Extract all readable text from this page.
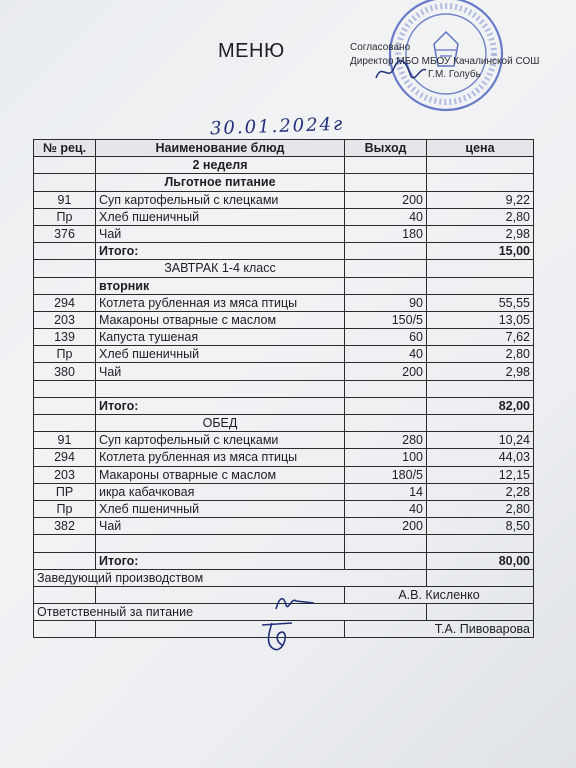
МЕНЮ	Согласовано
Директор МБО МБОУ Качалинской СОШ
Г.М. Голубь
30.01.2024г
№ рец.	Наименование блюд	Выход	цена
	2 неделя		
	Льготное питание		
91	Суп картофельный с клецками	200	9,22
Пр	Хлеб пшеничный	40	2,80
376	Чай	180	2,98
	Итого:		15,00
	ЗАВТРАК 1-4 класс		
	вторник		
294	Котлета рубленная из мяса птицы	90	55,55
203	Макароны отварные с маслом	150/5	13,05
139	Капуста тушеная	60	7,62
Пр	Хлеб пшеничный	40	2,80
380	Чай	200	2,98

	Итого:		82,00
	ОБЕД		
91	Суп картофельный с клецками	280	10,24
294	Котлета рубленная из мяса птицы	100	44,03
203	Макароны отварные с маслом	180/5	12,15
ПР	икра кабачковая	14	2,28
Пр	Хлеб пшеничный	40	2,80
382	Чай	200	8,50

	Итого:		80,00
Заведующий производством			
		А.В. Кисленко	
Ответственный за питание			
		Т.А. Пивоварова	
